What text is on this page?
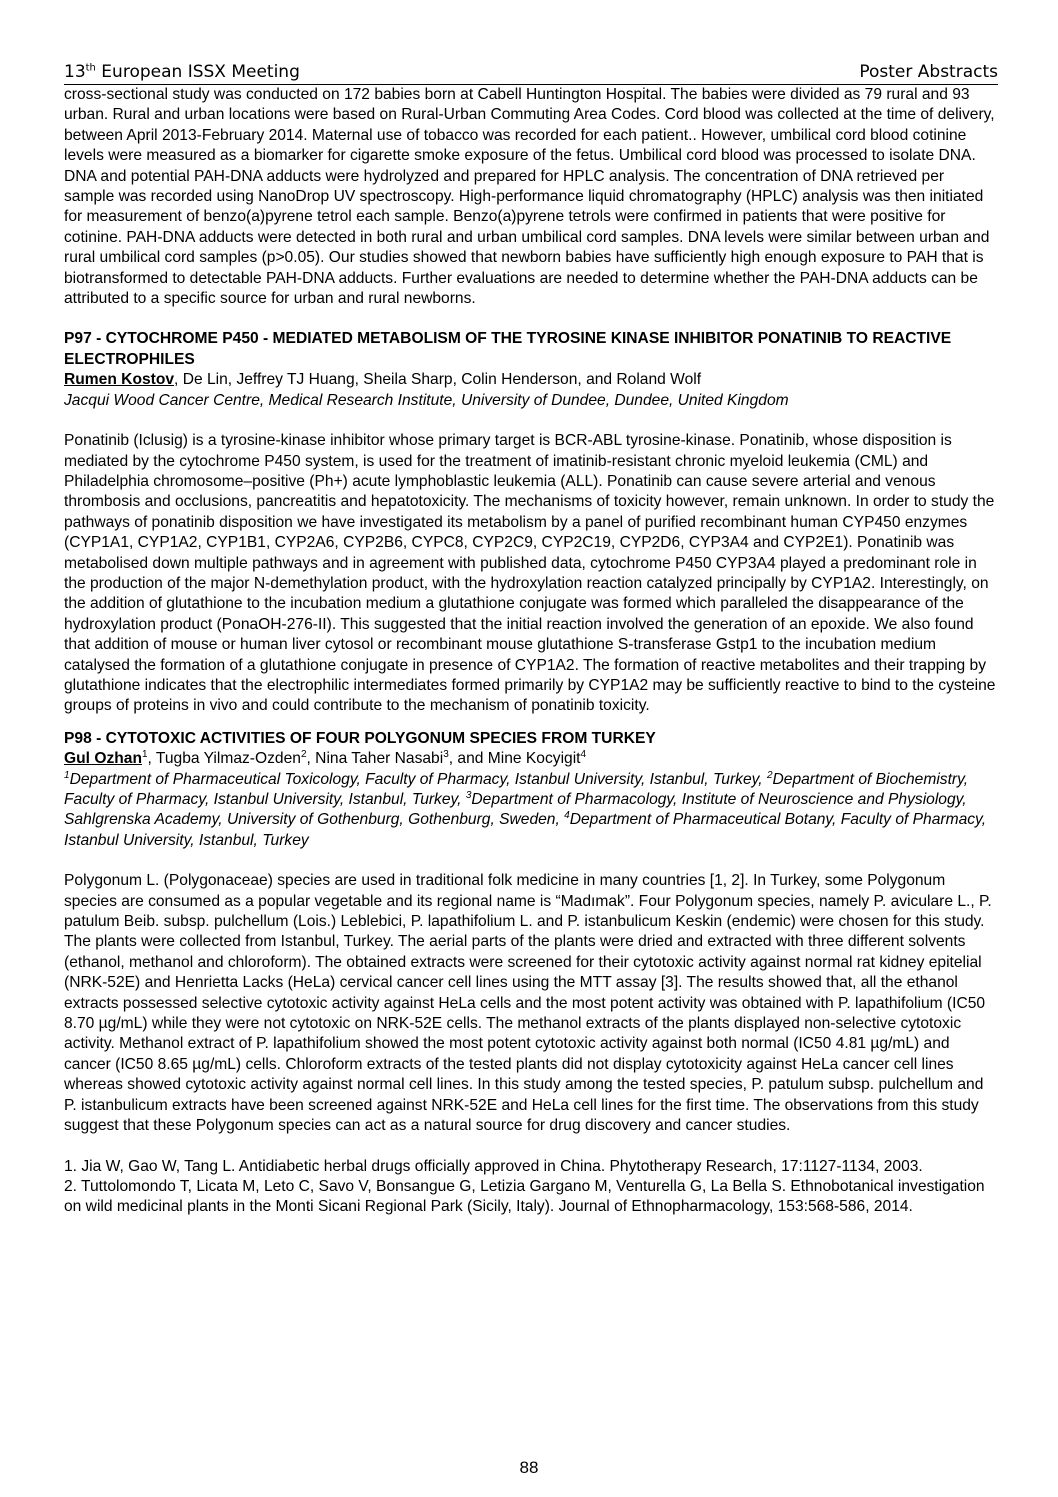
13th European ISSX Meeting	Poster Abstracts

cross-sectional study was conducted on 172 babies born at Cabell Huntington Hospital. The babies were divided as 79 rural and 93 urban. Rural and urban locations were based on Rural-Urban Commuting Area Codes. Cord blood was collected at the time of delivery, between April 2013-February 2014. Maternal use of tobacco was recorded for each patient.. However, umbilical cord blood cotinine levels were measured as a biomarker for cigarette smoke exposure of the fetus. Umbilical cord blood was processed to isolate DNA. DNA and potential PAH-DNA adducts were hydrolyzed and prepared for HPLC analysis. The concentration of DNA retrieved per sample was recorded using NanoDrop UV spectroscopy. High-performance liquid chromatography (HPLC) analysis was then initiated for measurement of benzo(a)pyrene tetrol each sample. Benzo(a)pyrene tetrols were confirmed in patients that were positive for cotinine. PAH-DNA adducts were detected in both rural and urban umbilical cord samples. DNA levels were similar between urban and rural umbilical cord samples (p>0.05). Our studies showed that newborn babies have sufficiently high enough exposure to PAH that is biotransformed to detectable PAH-DNA adducts. Further evaluations are needed to determine whether the PAH-DNA adducts can be attributed to a specific source for urban and rural newborns.

P97 - CYTOCHROME P450 - MEDIATED METABOLISM OF THE TYROSINE KINASE INHIBITOR PONATINIB TO REACTIVE ELECTROPHILES

Rumen Kostov, De Lin, Jeffrey TJ Huang, Sheila Sharp, Colin Henderson, and Roland Wolf

Jacqui Wood Cancer Centre, Medical Research Institute, University of Dundee, Dundee, United Kingdom

Ponatinib (Iclusig) is a tyrosine-kinase inhibitor whose primary target is BCR-ABL tyrosine-kinase. Ponatinib, whose disposition is mediated by the cytochrome P450 system, is used for the treatment of imatinib-resistant chronic myeloid leukemia (CML) and Philadelphia chromosome–positive (Ph+) acute lymphoblastic leukemia (ALL). Ponatinib can cause severe arterial and venous thrombosis and occlusions, pancreatitis and hepatotoxicity. The mechanisms of toxicity however, remain unknown. In order to study the pathways of ponatinib disposition we have investigated its metabolism by a panel of purified recombinant human CYP450 enzymes (CYP1A1, CYP1A2, CYP1B1, CYP2A6, CYP2B6, CYPC8, CYP2C9, CYP2C19, CYP2D6, CYP3A4 and CYP2E1). Ponatinib was metabolised down multiple pathways and in agreement with published data, cytochrome P450 CYP3A4 played a predominant role in the production of the major N-demethylation product, with the hydroxylation reaction catalyzed principally by CYP1A2. Interestingly, on the addition of glutathione to the incubation medium a glutathione conjugate was formed which paralleled the disappearance of the hydroxylation product (PonaOH-276-II). This suggested that the initial reaction involved the generation of an epoxide. We also found that addition of mouse or human liver cytosol or recombinant mouse glutathione S-transferase Gstp1 to the incubation medium catalysed the formation of a glutathione conjugate in presence of CYP1A2. The formation of reactive metabolites and their trapping by glutathione indicates that the electrophilic intermediates formed primarily by CYP1A2 may be sufficiently reactive to bind to the cysteine groups of proteins in vivo and could contribute to the mechanism of ponatinib toxicity.

P98 - CYTOTOXIC ACTIVITIES OF FOUR POLYGONUM SPECIES FROM TURKEY

Gul Ozhan$^1$, Tugba Yilmaz-Ozden$^2$, Nina Taher Nasabi$^3$, and Mine Kocyigit$^4$

$^1$Department of Pharmaceutical Toxicology, Faculty of Pharmacy, Istanbul University, Istanbul, Turkey, $^2$Department of Biochemistry, Faculty of Pharmacy, Istanbul University, Istanbul, Turkey, $^3$Department of Pharmacology, Institute of Neuroscience and Physiology, Sahlgrenska Academy, University of Gothenburg, Gothenburg, Sweden, $^4$Department of Pharmaceutical Botany, Faculty of Pharmacy, Istanbul University, Istanbul, Turkey

Polygonum L. (Polygonaceae) species are used in traditional folk medicine in many countries [1, 2]. In Turkey, some Polygonum species are consumed as a popular vegetable and its regional name is “Madımak”. Four Polygonum species, namely P. aviculare L., P. patulum Beib. subsp. pulchellum (Lois.) Leblebici, P. lapathifolium L. and P. istanbulicum Keskin (endemic) were chosen for this study. The plants were collected from Istanbul, Turkey. The aerial parts of the plants were dried and extracted with three different solvents (ethanol, methanol and chloroform). The obtained extracts were screened for their cytotoxic activity against normal rat kidney epitelial (NRK-52E) and Henrietta Lacks (HeLa) cervical cancer cell lines using the MTT assay [3]. The results showed that, all the ethanol extracts possessed selective cytotoxic activity against HeLa cells and the most potent activity was obtained with P. lapathifolium (IC50 8.70 µg/mL) while they were not cytotoxic on NRK-52E cells. The methanol extracts of the plants displayed non-selective cytotoxic activity. Methanol extract of P. lapathifolium showed the most potent cytotoxic activity against both normal (IC50 4.81 µg/mL) and cancer (IC50 8.65 µg/mL) cells. Chloroform extracts of the tested plants did not display cytotoxicity against HeLa cancer cell lines whereas showed cytotoxic activity against normal cell lines. In this study among the tested species, P. patulum subsp. pulchellum and P. istanbulicum extracts have been screened against NRK-52E and HeLa cell lines for the first time. The observations from this study suggest that these Polygonum species can act as a natural source for drug discovery and cancer studies.

1. Jia W, Gao W, Tang L. Antidiabetic herbal drugs officially approved in China. Phytotherapy Research, 17:1127-1134, 2003.

2. Tuttolomondo T, Licata M, Leto C, Savo V, Bonsangue G, Letizia Gargano M, Venturella G, La Bella S. Ethnobotanical investigation on wild medicinal plants in the Monti Sicani Regional Park (Sicily, Italy). Journal of Ethnopharmacology, 153:568-586, 2014.

88
